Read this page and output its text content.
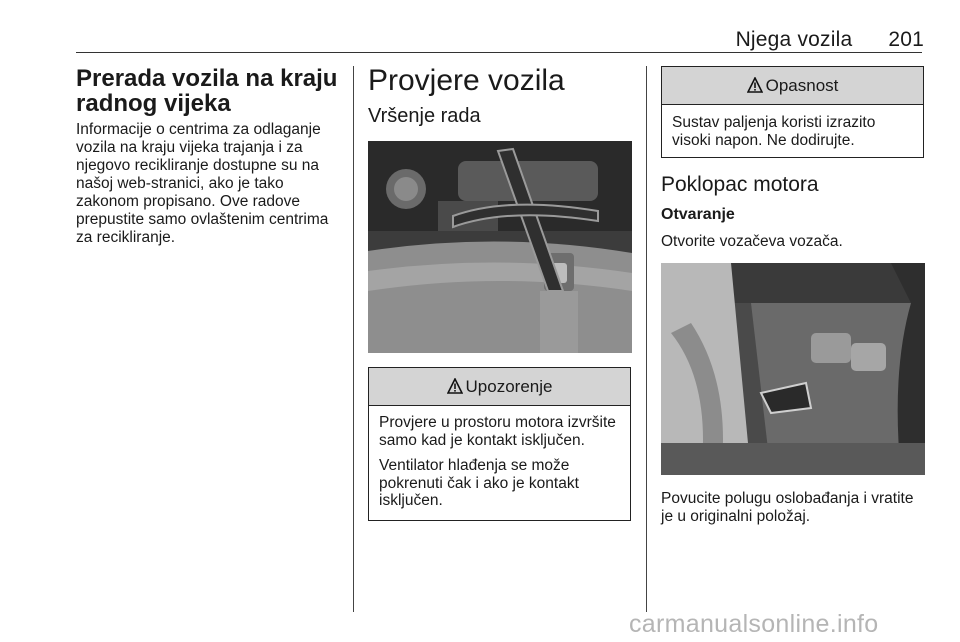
Njega vozila 201
Prerada vozila na kraju radnog vijeka

Informacije o centrima za odlaganje vozila na kraju vijeka trajanja i za njegovo recikliranje dostupne su na našoj web-stranici, ako je tako zakonom propisano. Ove radove prepustite samo ovlaštenim centrima za recikliranje.

Provjere vozila
Vršenje rada
Upozorenje

Provjere u prostoru motora izvršite samo kad je kontakt isključen.

Ventilator hlađenja se može pokrenuti čak i ako je kontakt isključen.

Opasnost

Sustav paljenja koristi izrazito visoki napon. Ne dodirujte.

Poklopac motora
Otvaranje

Otvorite vozačeva vozača.

Povucite polugu oslobađanja i vratite je u originalni položaj.

carmanualsonline.info
